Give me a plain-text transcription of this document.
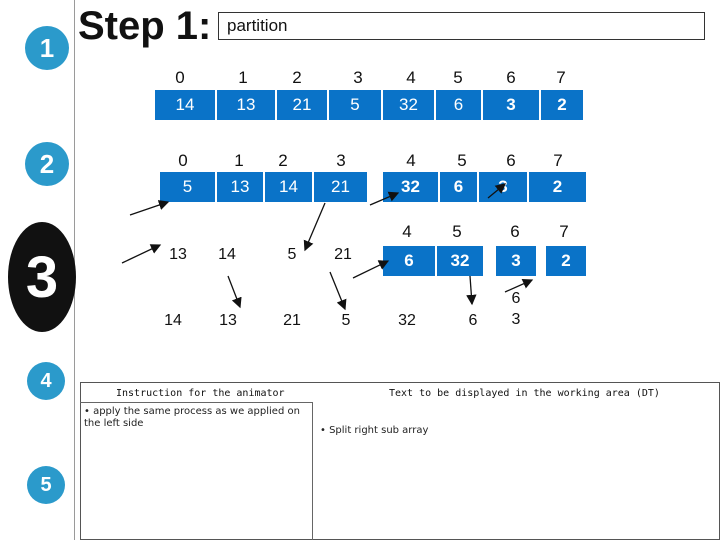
1
2
3
4
5
Step 1: partition
0	1	2	3	4	5	6	7
14	13	21	5	32	6	3	2
0	1	2	3	4	5	6	7
5	13	14	21	32	6	3	2
4	5	6	7
6	32	3	2
13	14	5	21
14	13	21	5	32	6
6
3
Instruction for the animator
• apply the same process as we applied on the left side
Text to be displayed in the working area (DT)
• Split right sub array
